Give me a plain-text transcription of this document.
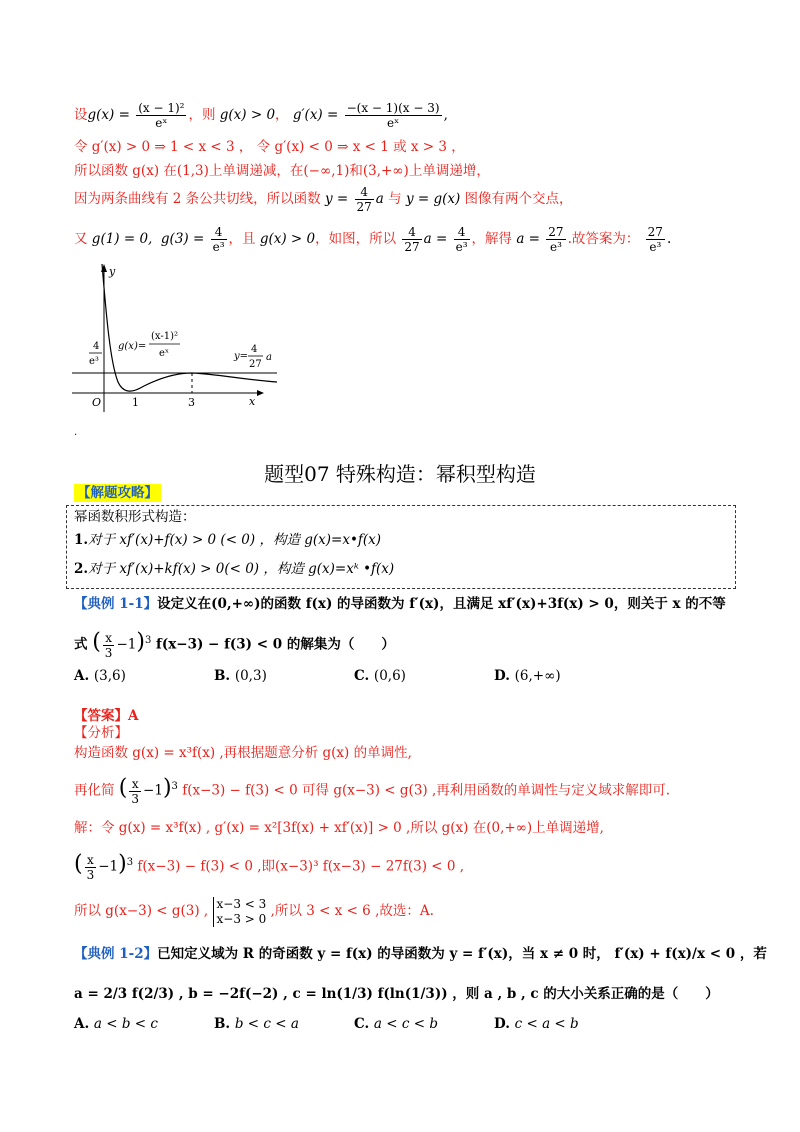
设$g(x) = \frac{\text{(x − 1)²}}{\text{eˣ}}$ ，则 g(x) > 0， $g'(x) = \frac{-(x - 1)(x - 3)}{\text{eˣ}}$ ,
令 g′(x) > 0 ⇒ 1 < x < 3 ， 令 g′(x) < 0 ⇒ x < 1 或 x > 3 ，
所以函数 g(x) 在(1,3)上单调递减，在(−∞,1)和(3,+∞)上单调递增，
因为两条曲线有 2 条公共切线，所以函数 $y = \frac{4}{27}$ a 与 y = g(x) 图像有两个交点，
又 g(1) = 0,  $g(3) = \frac{4}{\text{e³}}$ ，且 g(x) > 0，如图，所以 $\frac{4}{27}$ $a = \frac{4}{\text{e³}}$ ，解得 $a = \frac{27}{\text{e³}}$ .故答案为： $\frac{27}{\text{e³}}$ .
y
x
O	1	3
4
e³
g(x)=
(x-1)²
eˣ	y=
4
27
a
.
题型07 特殊构造：幂积型构造
【解题攻略】
幂函数积形式构造：
1.对于 xf′(x)+f(x) > 0 (< 0) ，构造 g(x)=x•f(x)
2.对于 xf′(x)+kf(x) > 0(< 0) ，构造 g(x)=xᵏ •f(x)
【典例 1-1】设定义在(0,+∞)的函数 f(x) 的导函数为 f′(x)，且满足 xf′(x)+3f(x) > 0，则关于 x 的不等
式 ( $\frac{x}{3} -1)^3$ f(x−3) − f(3) < 0 的解集为（　　）
A. (3,6)	B. (0,3)	C. (0,6)	D. (6,+∞)
【答案】A
【分析】
构造函数 g(x) = x³f(x) ,再根据题意分析 g(x) 的单调性,
再化简 ( $\frac{x}{3} -1)^3$ f(x−3) − f(3) < 0 可得 g(x−3) < g(3) ,再利用函数的单调性与定义域求解即可.
解：令 g(x) = x³f(x) , g′(x) = x²[3f(x) + xf′(x)] > 0 ,所以 g(x) 在(0,+∞)上单调递增,
( $\frac{x}{3} -1)^3$ f(x−3) − f(3) < 0 ,即(x−3)³ f(x−3) − 27f(3) < 0 ,
所以 g(x−3) < g(3) , x−3 < 3
x−3 > 0 ,所以 3 < x < 6 ,故选：A.
【典例 1-2】已知定义域为 R 的奇函数 y = f(x) 的导函数为 y = f′(x)，当 x ≠ 0 时， f′(x) + f(x)/x < 0 ，若
a = 2/3 f(2/3) , b = −2f(−2) , c = ln(1/3) f(ln(1/3)) ，则 a , b , c 的大小关系正确的是（　　）
A. a < b < c	B. b < c < a	C. a < c < b	D. c < a < b
